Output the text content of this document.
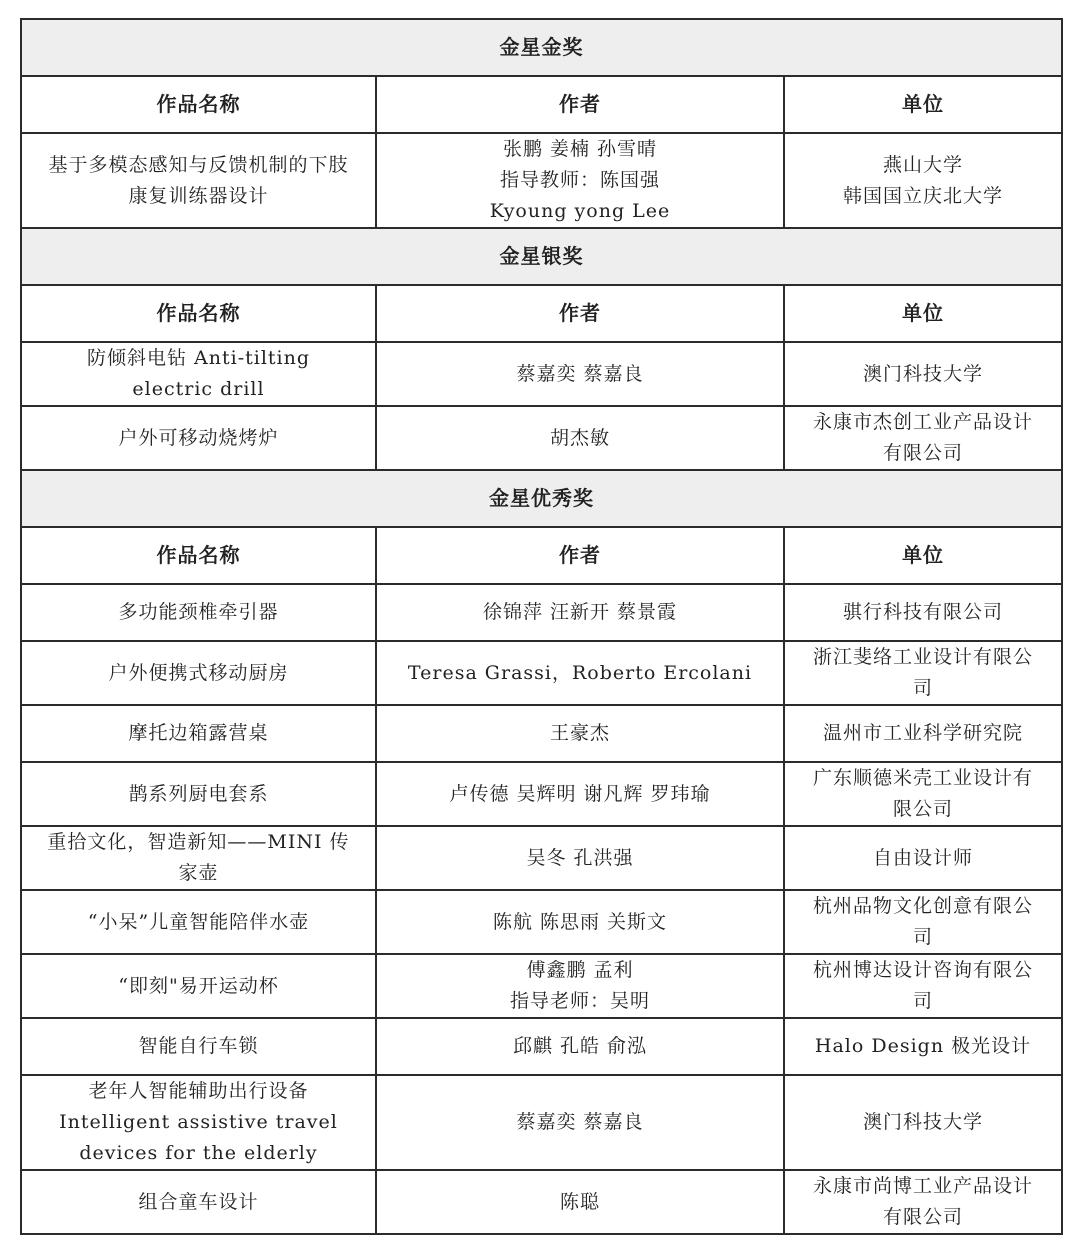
金星金奖		
作品名称	作者	单位

基于多模态感知与反馈机制的下肢
康复训练器设计	张鹏 姜楠 孙雪晴
指导教师：陈国强
Kyoung yong Lee	燕山大学
韩国国立庆北大学

金星银奖		
作品名称	作者	单位

防倾斜电钻 Anti-tilting
electric drill	蔡嘉奕 蔡嘉良	澳门科技大学

户外可移动烧烤炉	胡杰敏	永康市杰创工业产品设计
有限公司

金星优秀奖		
作品名称	作者	单位

多功能颈椎牵引器	徐锦萍 汪新开 蔡景霞	骐行科技有限公司

户外便携式移动厨房	Teresa Grassi，Roberto Ercolani	浙江斐络工业设计有限公
司

摩托边箱露营桌	王豪杰	温州市工业科学研究院

鹊系列厨电套系	卢传德 吴辉明 谢凡辉 罗玮瑜	广东顺德米壳工业设计有
限公司

重拾文化，智造新知——MINI 传
家壶	吴冬 孔洪强	自由设计师

“小呆”儿童智能陪伴水壶	陈航 陈思雨 关斯文	杭州品物文化创意有限公
司

“即刻"易开运动杯	傅鑫鹏 孟利
指导老师：吴明	杭州博达设计咨询有限公
司

智能自行车锁	邱麒 孔皓 俞泓	Halo Design 极光设计

老年人智能辅助出行设备
Intelligent assistive travel
devices for the elderly	蔡嘉奕 蔡嘉良	澳门科技大学

组合童车设计	陈聪	永康市尚博工业产品设计
有限公司
